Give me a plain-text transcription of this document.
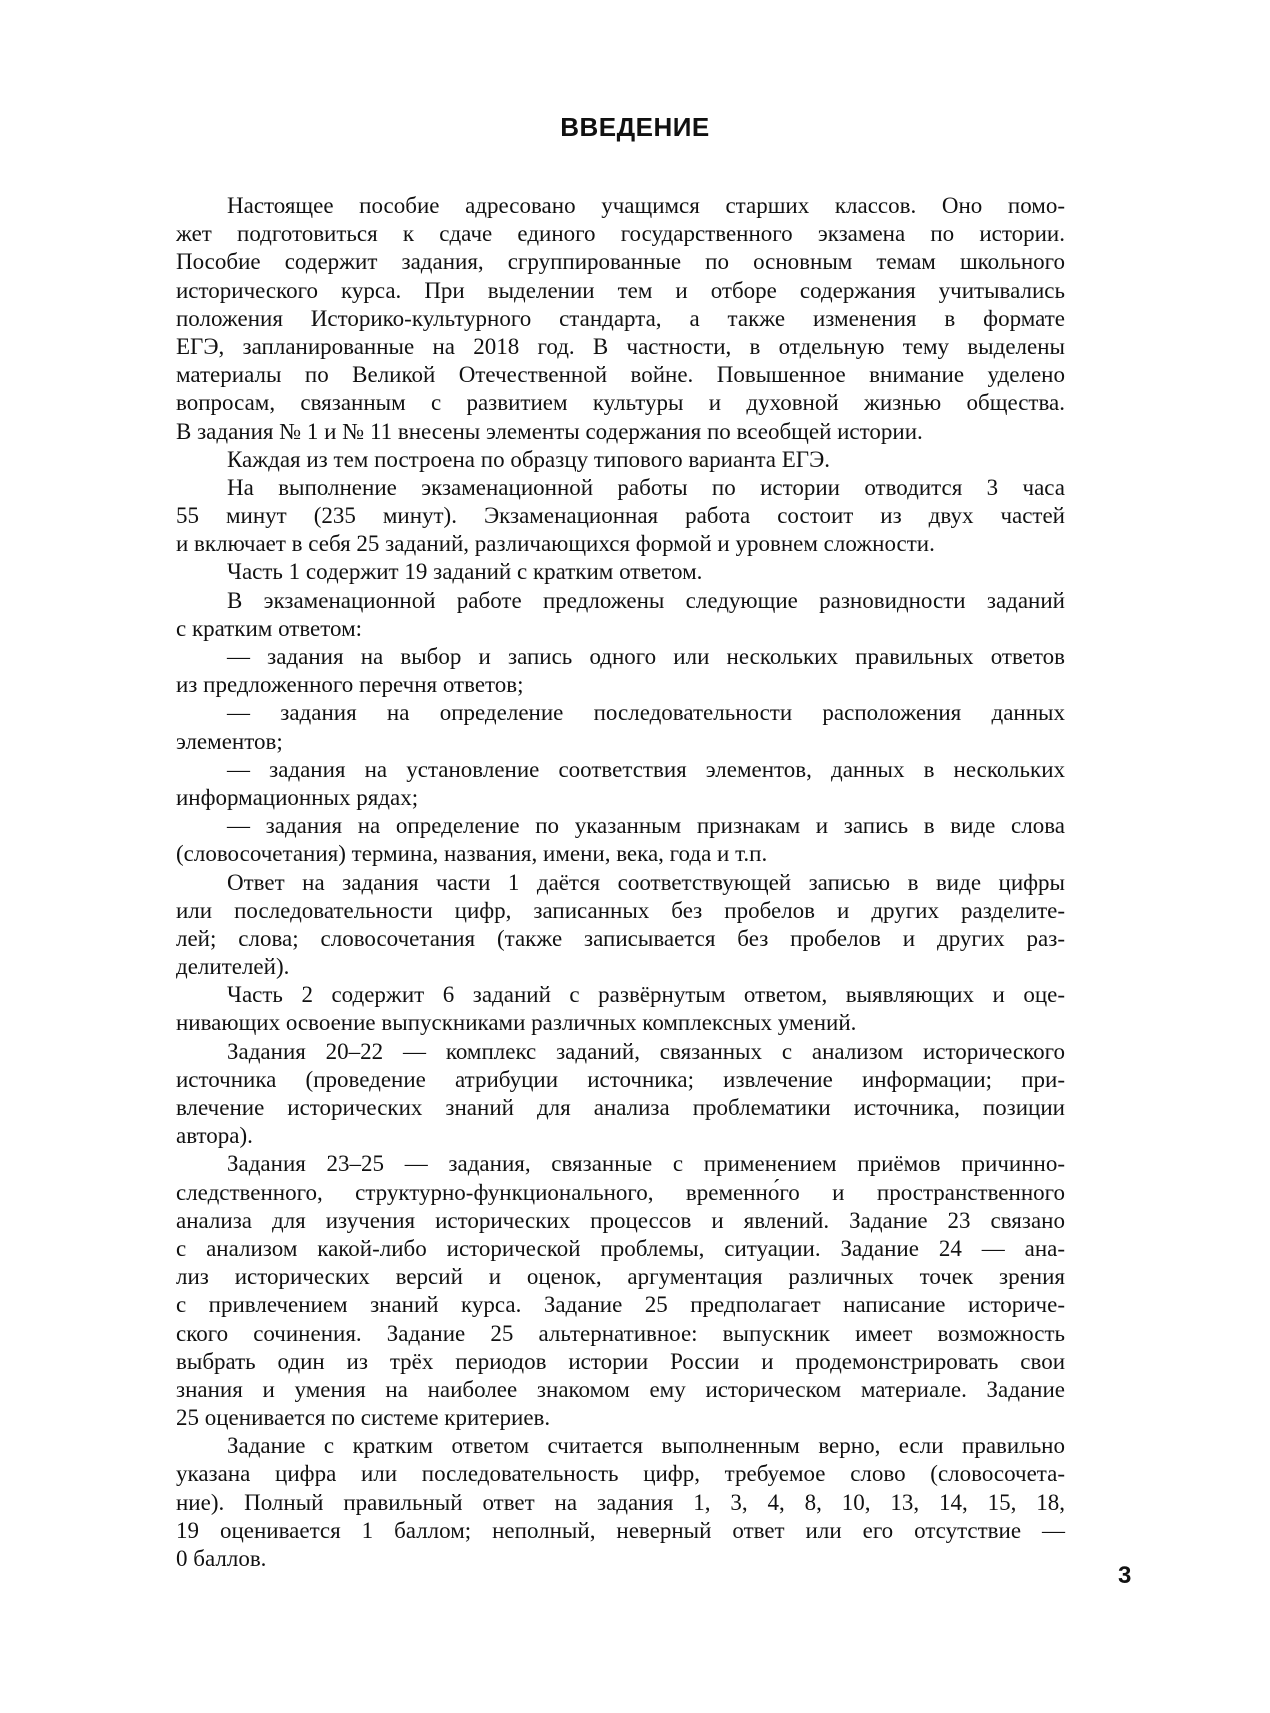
ВВЕДЕНИЕ
Настоящее пособие адресовано учащимся старших классов. Оно помо-
жет подготовиться к сдаче единого государственного экзамена по истории.
Пособие содержит задания, сгруппированные по основным темам школьного
исторического курса. При выделении тем и отборе содержания учитывались
положения Историко-культурного стандарта, а также изменения в формате
ЕГЭ, запланированные на 2018 год. В частности, в отдельную тему выделены
материалы по Великой Отечественной войне. Повышенное внимание уделено
вопросам, связанным с развитием культуры и духовной жизнью общества.
В задания № 1 и № 11 внесены элементы содержания по всеобщей истории.
Каждая из тем построена по образцу типового варианта ЕГЭ.
На выполнение экзаменационной работы по истории отводится 3 часа
55 минут (235 минут). Экзаменационная работа состоит из двух частей
и включает в себя 25 заданий, различающихся формой и уровнем сложности.
Часть 1 содержит 19 заданий с кратким ответом.
В экзаменационной работе предложены следующие разновидности заданий
с кратким ответом:
— задания на выбор и запись одного или нескольких правильных ответов
из предложенного перечня ответов;
— задания на определение последовательности расположения данных
элементов;
— задания на установление соответствия элементов, данных в нескольких
информационных рядах;
— задания на определение по указанным признакам и запись в виде слова
(словосочетания) термина, названия, имени, века, года и т.п.
Ответ на задания части 1 даётся соответствующей записью в виде цифры
или последовательности цифр, записанных без пробелов и других разделите-
лей; слова; словосочетания (также записывается без пробелов и других раз-
делителей).
Часть 2 содержит 6 заданий с развёрнутым ответом, выявляющих и оце-
нивающих освоение выпускниками различных комплексных умений.
Задания 20–22 — комплекс заданий, связанных с анализом исторического
источника (проведение атрибуции источника; извлечение информации; при-
влечение исторических знаний для анализа проблематики источника, позиции
автора).
Задания 23–25 — задания, связанные с применением приёмов причинно-
следственного, структурно-функционального, временно́го и пространственного
анализа для изучения исторических процессов и явлений. Задание 23 связано
с анализом какой-либо исторической проблемы, ситуации. Задание 24 — ана-
лиз исторических версий и оценок, аргументация различных точек зрения
с привлечением знаний курса. Задание 25 предполагает написание историче-
ского сочинения. Задание 25 альтернативное: выпускник имеет возможность
выбрать один из трёх периодов истории России и продемонстрировать свои
знания и умения на наиболее знакомом ему историческом материале. Задание
25 оценивается по системе критериев.
Задание с кратким ответом считается выполненным верно, если правильно
указана цифра или последовательность цифр, требуемое слово (словосочета-
ние). Полный правильный ответ на задания 1, 3, 4, 8, 10, 13, 14, 15, 18,
19 оценивается 1 баллом; неполный, неверный ответ или его отсутствие —
0 баллов.
3
